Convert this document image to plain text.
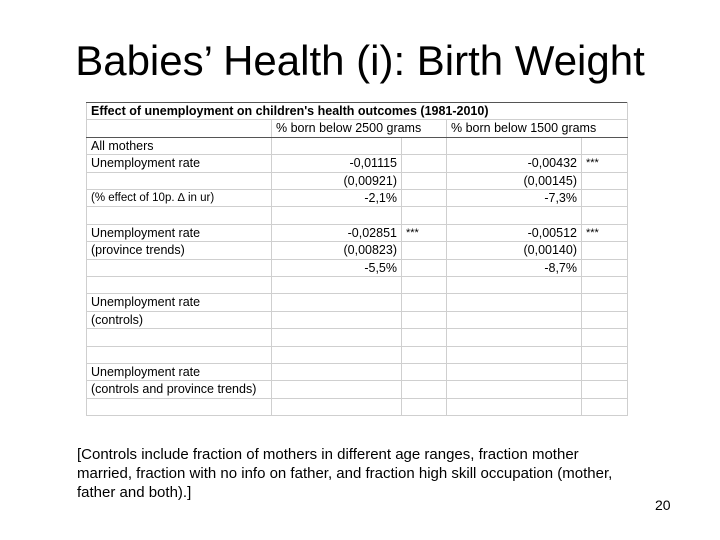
Babies’ Health (i): Birth Weight
Effect of unemployment on children's health outcomes (1981-2010)				
	% born below 2500 grams		% born below 1500 grams	
All mothers				
Unemployment rate	-0,01115		-0,00432	***
	(0,00921)		(0,00145)	
(% effect of 10p. ∆ in ur)	-2,1%		-7,3%	

Unemployment rate	-0,02851	***	-0,00512	***
(province trends)	(0,00823)		(0,00140)	
	-5,5%		-8,7%	

Unemployment rate				
(controls)				

Unemployment rate				
(controls and province trends)				

[Controls include fraction of mothers in different age ranges, fraction mother married, fraction with no info on father, and fraction high skill occupation (mother, father and both).]
20
